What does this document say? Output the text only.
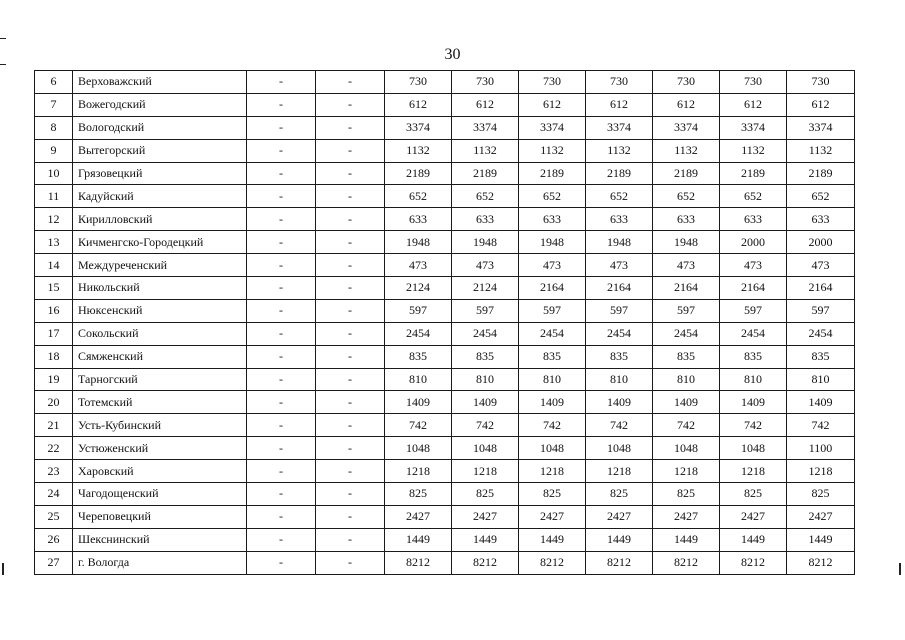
30
6	Верховажский	-	-	730	730	730	730	730	730	730
7	Вожегодский	-	-	612	612	612	612	612	612	612
8	Вологодский	-	-	3374	3374	3374	3374	3374	3374	3374
9	Вытегорский	-	-	1132	1132	1132	1132	1132	1132	1132
10	Грязовецкий	-	-	2189	2189	2189	2189	2189	2189	2189
11	Кадуйский	-	-	652	652	652	652	652	652	652
12	Кирилловский	-	-	633	633	633	633	633	633	633
13	Кичменгско-Городецкий	-	-	1948	1948	1948	1948	1948	2000	2000
14	Междуреченский	-	-	473	473	473	473	473	473	473
15	Никольский	-	-	2124	2124	2164	2164	2164	2164	2164
16	Нюксенский	-	-	597	597	597	597	597	597	597
17	Сокольский	-	-	2454	2454	2454	2454	2454	2454	2454
18	Сямженский	-	-	835	835	835	835	835	835	835
19	Тарногский	-	-	810	810	810	810	810	810	810
20	Тотемский	-	-	1409	1409	1409	1409	1409	1409	1409
21	Усть-Кубинский	-	-	742	742	742	742	742	742	742
22	Устюженский	-	-	1048	1048	1048	1048	1048	1048	1100
23	Харовский	-	-	1218	1218	1218	1218	1218	1218	1218
24	Чагодощенский	-	-	825	825	825	825	825	825	825
25	Череповецкий	-	-	2427	2427	2427	2427	2427	2427	2427
26	Шекснинский	-	-	1449	1449	1449	1449	1449	1449	1449
27	г. Вологда	-	-	8212	8212	8212	8212	8212	8212	8212
